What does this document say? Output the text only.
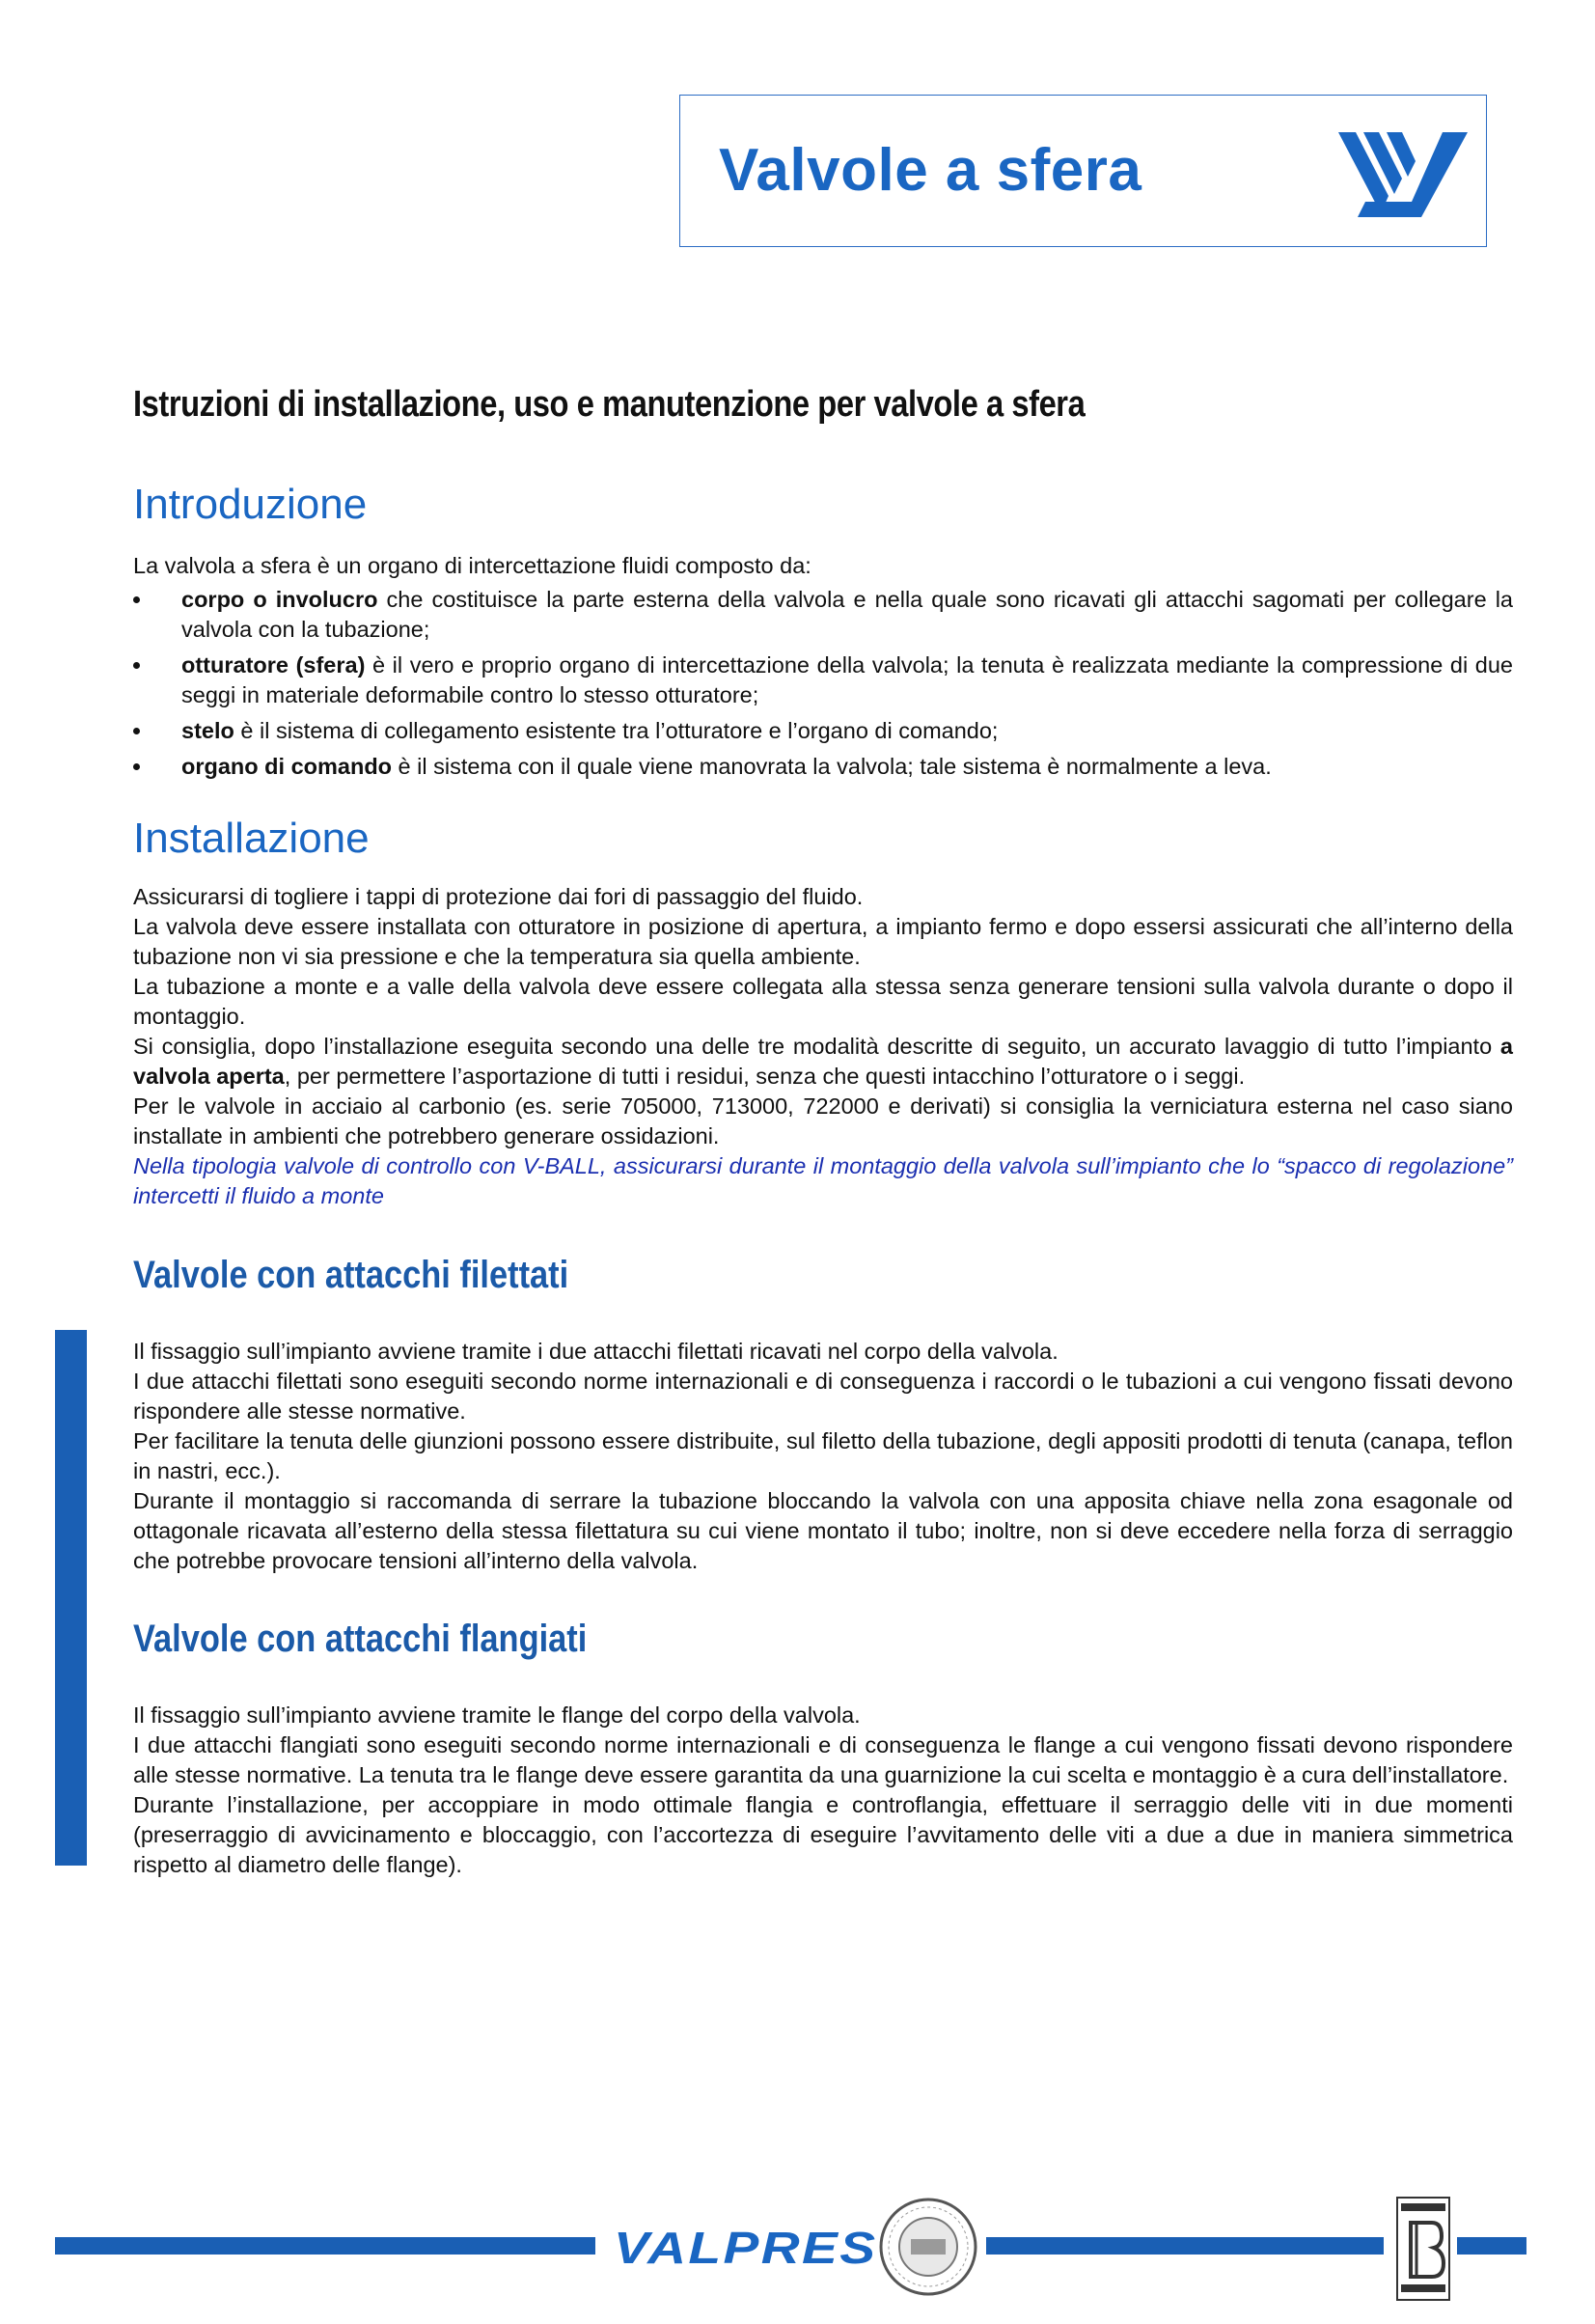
Valvole a sfera
Istruzioni di installazione, uso e manutenzione per valvole a sfera
Introduzione

La valvola a sfera è un organo di intercettazione fluidi composto da:

corpo o involucro che costituisce la parte esterna della valvola e nella quale sono ricavati gli attacchi sagomati per collegare la valvola con la tubazione;
otturatore (sfera) è il vero e proprio organo di intercettazione della valvola; la tenuta è realizzata mediante la compressione di due seggi in materiale deformabile contro lo stesso otturatore;
stelo è il sistema di collegamento esistente tra l’otturatore e l’organo di comando;
organo di comando è il sistema con il quale viene manovrata la valvola; tale sistema è normalmente a leva.
Installazione

Assicurarsi di togliere i tappi di protezione dai fori di passaggio del fluido.

La valvola deve essere installata con otturatore in posizione di apertura, a impianto fermo e dopo essersi assicurati che all’interno della tubazione non vi sia pressione e che la temperatura sia quella ambiente.

La tubazione a monte e a valle della valvola deve essere collegata alla stessa senza generare tensioni sulla valvola durante o dopo il montaggio.

Si consiglia, dopo l’installazione eseguita secondo una delle tre modalità descritte di seguito, un accurato lavaggio di tutto l’impianto a valvola aperta, per permettere l’asportazione di tutti i residui, senza che questi intacchino l’otturatore o i seggi.

Per le valvole in acciaio al carbonio (es. serie 705000, 713000, 722000 e derivati) si consiglia la verniciatura esterna nel caso siano installate in ambienti che potrebbero generare ossidazioni.

Nella tipologia valvole di controllo con V-BALL, assicurarsi durante il montaggio della valvola sull’impianto che lo “spacco di regolazione” intercetti il fluido a monte

Valvole con attacchi filettati

Il fissaggio sull’impianto avviene tramite i due attacchi filettati ricavati nel corpo della valvola.

I due attacchi filettati sono eseguiti secondo norme internazionali e di conseguenza i raccordi o le tubazioni a cui vengono fissati devono rispondere alle stesse normative.

Per facilitare la tenuta delle giunzioni possono essere distribuite, sul filetto della tubazione, degli appositi prodotti di tenuta (canapa, teflon in nastri, ecc.).

Durante il montaggio si raccomanda di serrare la tubazione bloccando la valvola con una apposita chiave nella zona esagonale od ottagonale ricavata all’esterno della stessa filettatura su cui viene montato il tubo; inoltre, non si deve eccedere nella forza di serraggio che potrebbe provocare tensioni all’interno della valvola.

Valvole con attacchi flangiati

Il fissaggio sull’impianto avviene tramite le flange del corpo della valvola.

I due attacchi flangiati sono eseguiti secondo norme internazionali e di conseguenza le flange a cui vengono fissati devono rispondere alle stesse normative. La tenuta tra le flange deve essere garantita da una guarnizione la cui scelta e montaggio è a cura dell’installatore.

Durante l’installazione, per accoppiare in modo ottimale flangia e controflangia, effettuare il serraggio delle viti in due momenti (preserraggio di avvicinamento e bloccaggio, con l’accortezza di eseguire l’avvitamento delle viti a due a due in maniera simmetrica rispetto al diametro delle flange).

VALPRES
